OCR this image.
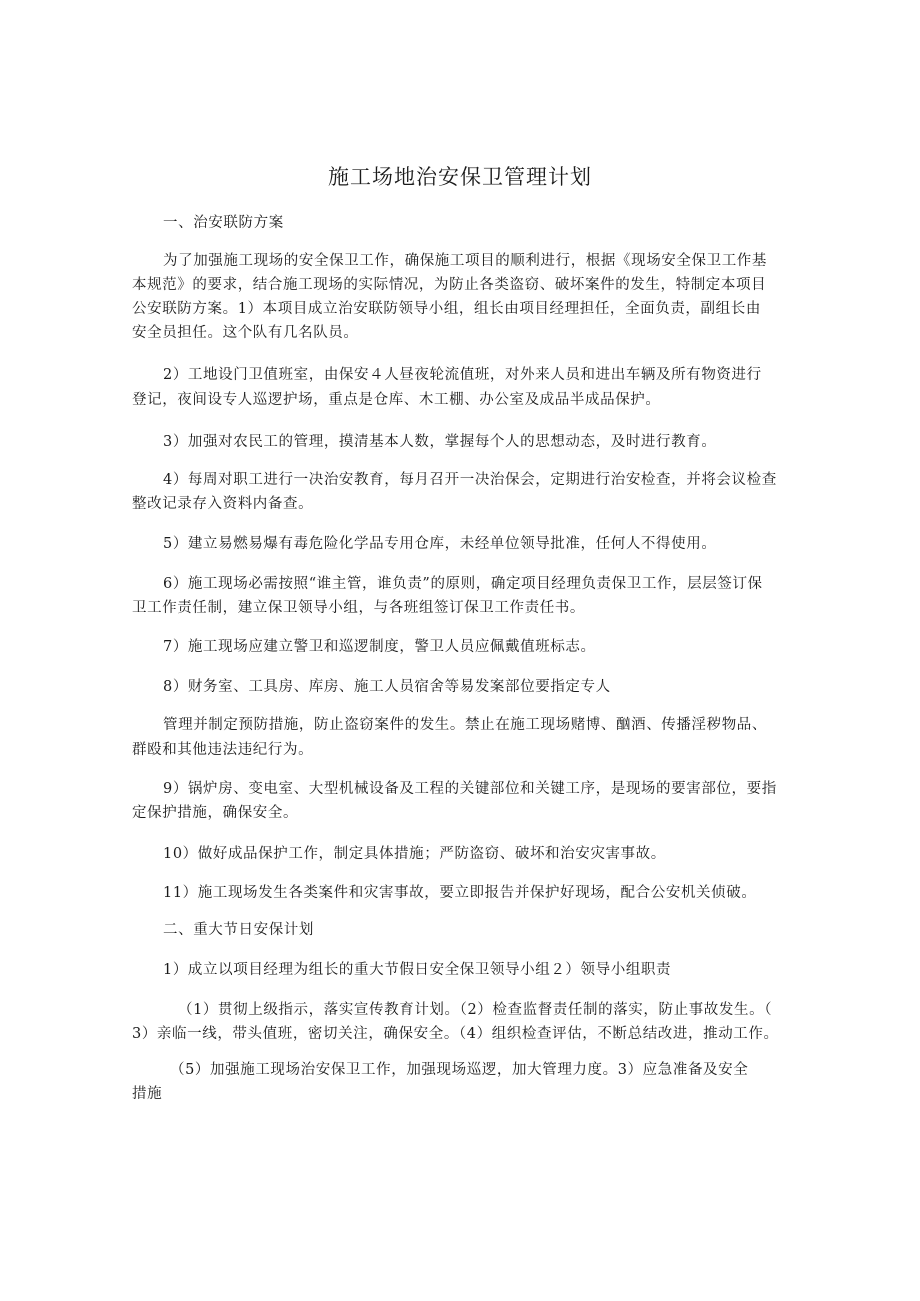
施工场地治安保卫管理计划
一、治安联防方案
为了加强施工现场的安全保卫工作，确保施工项目的顺利进行，根据《现场安全保卫工作基
本规范》的要求，结合施工现场的实际情况，为防止各类盗窃、破坏案件的发生，特制定本项目
公安联防方案。1）本项目成立治安联防领导小组，组长由项目经理担任，全面负责，副组长由
安全员担任。这个队有几名队员。
2）工地设门卫值班室，由保安４人昼夜轮流值班，对外来人员和进出车辆及所有物资进行
登记，夜间设专人巡逻护场，重点是仓库、木工棚、办公室及成品半成品保护。
3）加强对农民工的管理，摸清基本人数，掌握每个人的思想动态，及时进行教育。
4）每周对职工进行一决治安教育，每月召开一决治保会，定期进行治安检查，并将会议检查
整改记录存入资料内备查。
5）建立易燃易爆有毒危险化学品专用仓库，未经单位领导批准，任何人不得使用。
6）施工现场必需按照“谁主管，谁负责”的原则，确定项目经理负责保卫工作，层层签订保
卫工作责任制，建立保卫领导小组，与各班组签订保卫工作责任书。
7）施工现场应建立警卫和巡逻制度，警卫人员应佩戴值班标志。
8）财务室、工具房、库房、施工人员宿舍等易发案部位要指定专人
管理并制定预防措施，防止盗窃案件的发生。禁止在施工现场赌博、酗酒、传播淫秽物品、
群殴和其他违法违纪行为。
9）锅炉房、变电室、大型机械设备及工程的关键部位和关键工序，是现场的要害部位，要指
定保护措施，确保安全。
10）做好成品保护工作，制定具体措施；严防盗窃、破坏和治安灾害事故。
11）施工现场发生各类案件和灾害事故，要立即报告并保护好现场，配合公安机关侦破。
二、重大节日安保计划
1）成立以项目经理为组长的重大节假日安全保卫领导小组２）领导小组职责
（1）贯彻上级指示，落实宣传教育计划。（2）检查监督责任制的落实，防止事故发生。（
3）亲临一线，带头值班，密切关注，确保安全。（4）组织检查评估，不断总结改进，推动工作。
（5）加强施工现场治安保卫工作，加强现场巡逻，加大管理力度。3）应急准备及安全
措施
